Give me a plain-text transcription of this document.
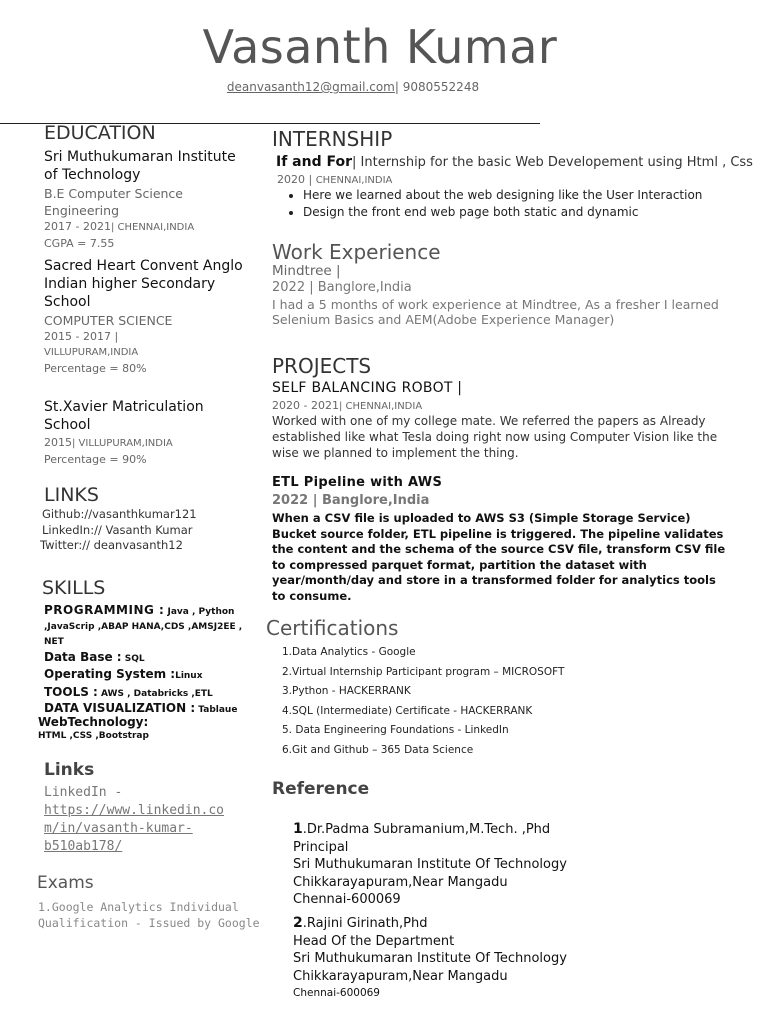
Vasanth Kumar
deanvasanth12@gmail.com| 9080552248
EDUCATION
Sri Muthukumaran Institute of Technology
B.E Computer Science Engineering
2017 - 2021| CHENNAI,INDIA
CGPA = 7.55
Sacred Heart Convent Anglo Indian higher Secondary School
COMPUTER SCIENCE
2015 - 2017 |
VILLUPURAM,INDIA
Percentage = 80%
St.Xavier Matriculation School
2015| VILLUPURAM,INDIA
Percentage = 90%
LINKS
Github://vasanthkumar121
LinkedIn:// Vasanth Kumar
Twitter:// deanvasanth12
SKILLS
PROGRAMMING : Java , Python ,JavaScrip ,ABAP HANA,CDS ,AMSJ2EE , NET
Data Base : SQL
Operating System :Linux
TOOLS : AWS , Databricks ,ETL
DATA VISUALIZATION : Tablaue
WebTechnology:
HTML ,CSS ,Bootstrap
Links
LinkedIn -
https://www.linkedin.co
m/in/vasanth-kumar-
b510ab178/
Exams
1.Google Analytics Individual
Qualification - Issued by Google
INTERNSHIP
If and For| Internship for the basic Web Developement using Html , Css
2020 | CHENNAI,INDIA
• Here we learned about the web designing like the User Interaction
• Design the front end web page both static and dynamic
Work Experience
Mindtree |
2022 | Banglore,India
I had a 5 months of work experience at Mindtree, As a fresher I learned Selenium Basics and AEM(Adobe Experience Manager)
PROJECTS
SELF BALANCING ROBOT |
2020 - 2021| CHENNAI,INDIA
Worked with one of my college mate. We referred the papers as Already established like what Tesla doing right now using Computer Vision like the wise we planned to implement the thing.
ETL Pipeline with AWS
2022 | Banglore,India
When a CSV file is uploaded to AWS S3 (Simple Storage Service) Bucket source folder, ETL pipeline is triggered. The pipeline validates the content and the schema of the source CSV file, transform CSV file to compressed parquet format, partition the dataset with year/month/day and store in a transformed folder for analytics tools to consume.
Certifications
1.Data Analytics - Google
2.Virtual Internship Participant program – MICROSOFT
3.Python - HACKERRANK
4.SQL (Intermediate) Certificate - HACKERRANK
5. Data Engineering Foundations - LinkedIn
6.Git and Github – 365 Data Science
Reference
1.Dr.Padma Subramanium,M.Tech. ,Phd
Principal
Sri Muthukumaran Institute Of Technology
Chikkarayapuram,Near Mangadu
Chennai-600069
2.Rajini Girinath,Phd
Head Of the Department
Sri Muthukumaran Institute Of Technology
Chikkarayapuram,Near Mangadu
Chennai-600069
